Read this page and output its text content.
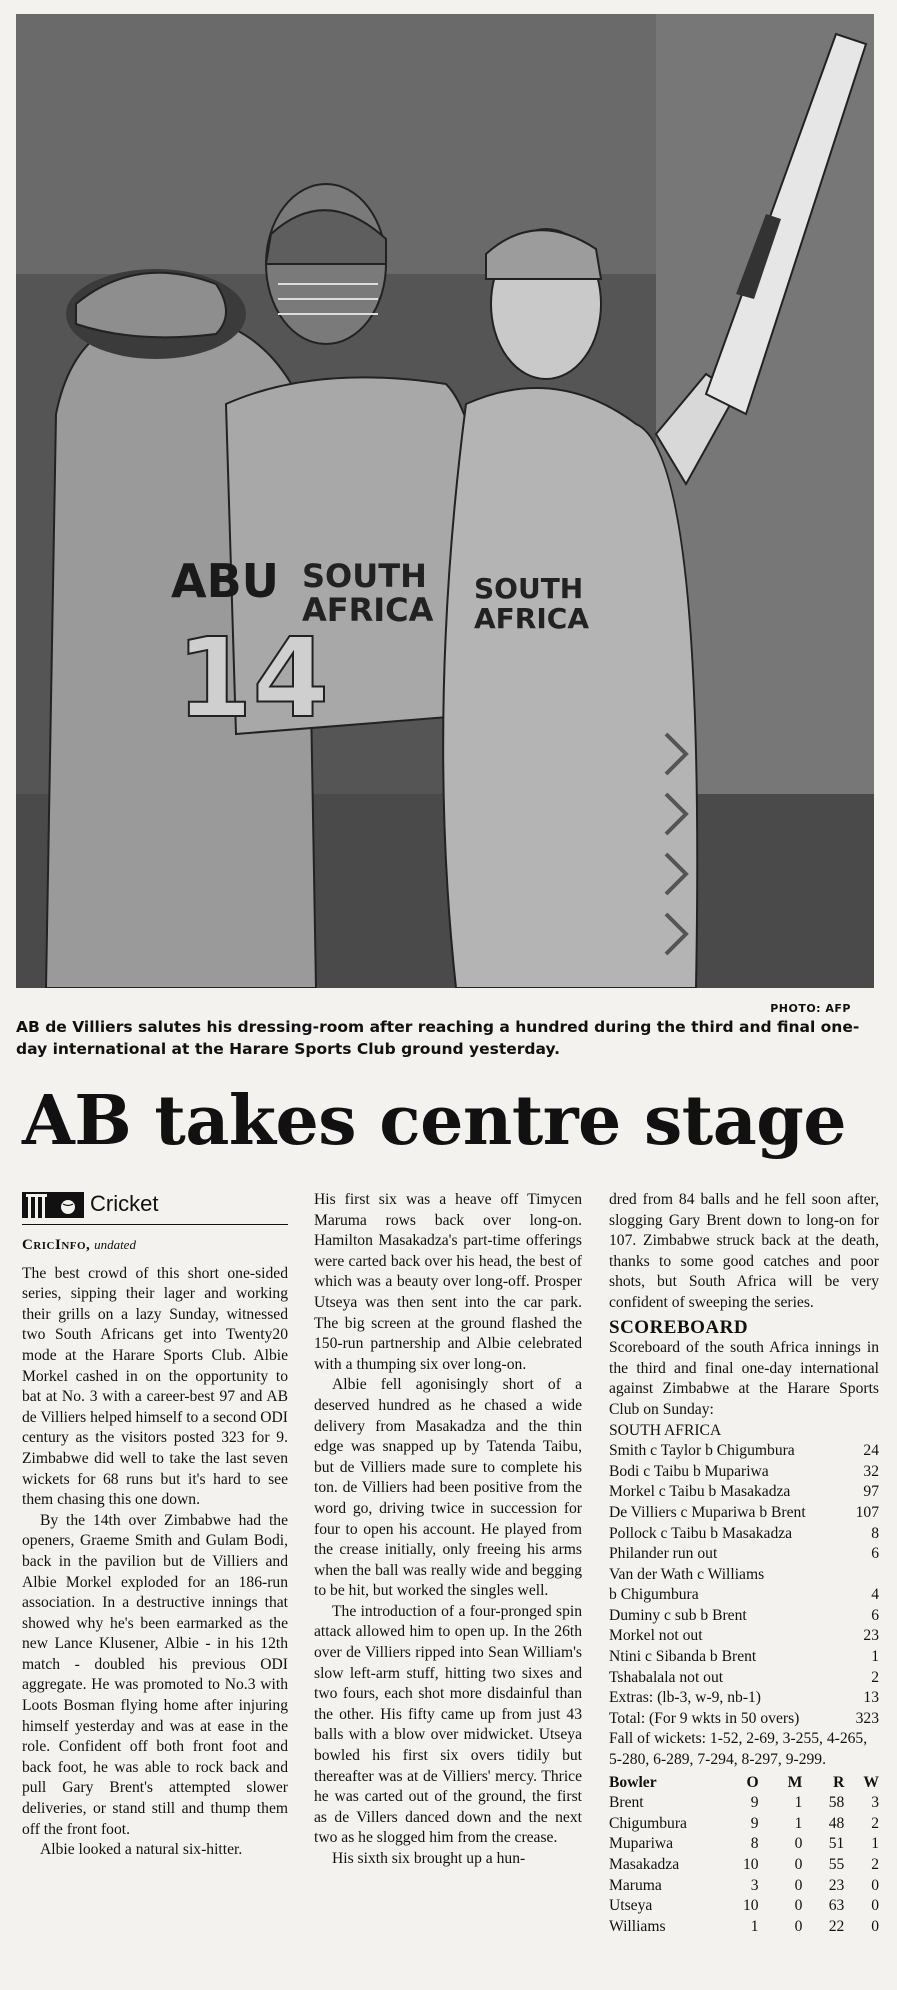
ABU
14
SOUTH AFRICA
SOUTH AFRICA
PHOTO: AFP
AB de Villiers salutes his dressing-room after reaching a hundred during the third and final one-day international at the Harare Sports Club ground yesterday.
AB takes centre stage
Cricket
CricInfo, undated

The best crowd of this short one-sided series, sipping their lager and working their grills on a lazy Sunday, witnessed two South Africans get into Twenty20 mode at the Harare Sports Club. Albie Morkel cashed in on the opportunity to bat at No. 3 with a career-best 97 and AB de Villiers helped himself to a second ODI century as the visitors posted 323 for 9. Zimbabwe did well to take the last seven wickets for 68 runs but it's hard to see them chasing this one down.

By the 14th over Zimbabwe had the openers, Graeme Smith and Gulam Bodi, back in the pavilion but de Villiers and Albie Morkel exploded for an 186-run association. In a destructive innings that showed why he's been earmarked as the new Lance Klusener, Albie - in his 12th match - doubled his previous ODI aggregate. He was promoted to No.3 with Loots Bosman flying home after injuring himself yesterday and was at ease in the role. Confident off both front foot and back foot, he was able to rock back and pull Gary Brent's attempted slower deliveries, or stand still and thump them off the front foot.

Albie looked a natural six-hitter.

His first six was a heave off Timycen Maruma rows back over long-on. Hamilton Masakadza's part-time offerings were carted back over his head, the best of which was a beauty over long-off. Prosper Utseya was then sent into the car park. The big screen at the ground flashed the 150-run partnership and Albie celebrated with a thumping six over long-on.

Albie fell agonisingly short of a deserved hundred as he chased a wide delivery from Masakadza and the thin edge was snapped up by Tatenda Taibu, but de Villiers made sure to complete his ton. de Villiers had been positive from the word go, driving twice in succession for four to open his account. He played from the crease initially, only freeing his arms when the ball was really wide and begging to be hit, but worked the singles well.

The introduction of a four-pronged spin attack allowed him to open up. In the 26th over de Villiers ripped into Sean William's slow left-arm stuff, hitting two sixes and two fours, each shot more disdainful than the other. His fifty came up from just 43 balls with a blow over midwicket. Utseya bowled his first six overs tidily but thereafter was at de Villiers' mercy. Thrice he was carted out of the ground, the first as de Villers danced down and the next two as he slogged him from the crease.

His sixth six brought up a hun-

dred from 84 balls and he fell soon after, slogging Gary Brent down to long-on for 107. Zimbabwe struck back at the death, thanks to some good catches and poor shots, but South Africa will be very confident of sweeping the series.

SCOREBOARD

Scoreboard of the south Africa innings in the third and final one-day international against Zimbabwe at the Harare Sports Club on Sunday:

SOUTH AFRICA
Smith c Taylor b Chigumbura	24
Bodi c Taibu b Mupariwa	32
Morkel c Taibu b Masakadza	97
De Villiers c Mupariwa b Brent	107
Pollock c Taibu b Masakadza	8
Philander run out	6
Van der Wath c Williams
b Chigumbura	4
Duminy c sub b Brent	6
Morkel not out	23
Ntini c Sibanda b Brent	1
Tshabalala not out	2
Extras: (lb-3, w-9, nb-1)	13
Total: (For 9 wkts in 50 overs)	323
Fall of wickets: 1-52, 2-69, 3-255, 4-265, 5-280, 6-289, 7-294, 8-297, 9-299.
Bowler	O	M	R	W
Brent	9	1	58	3
Chigumbura	9	1	48	2
Mupariwa	8	0	51	1
Masakadza	10	0	55	2
Maruma	3	0	23	0
Utseya	10	0	63	0
Williams	1	0	22	0
